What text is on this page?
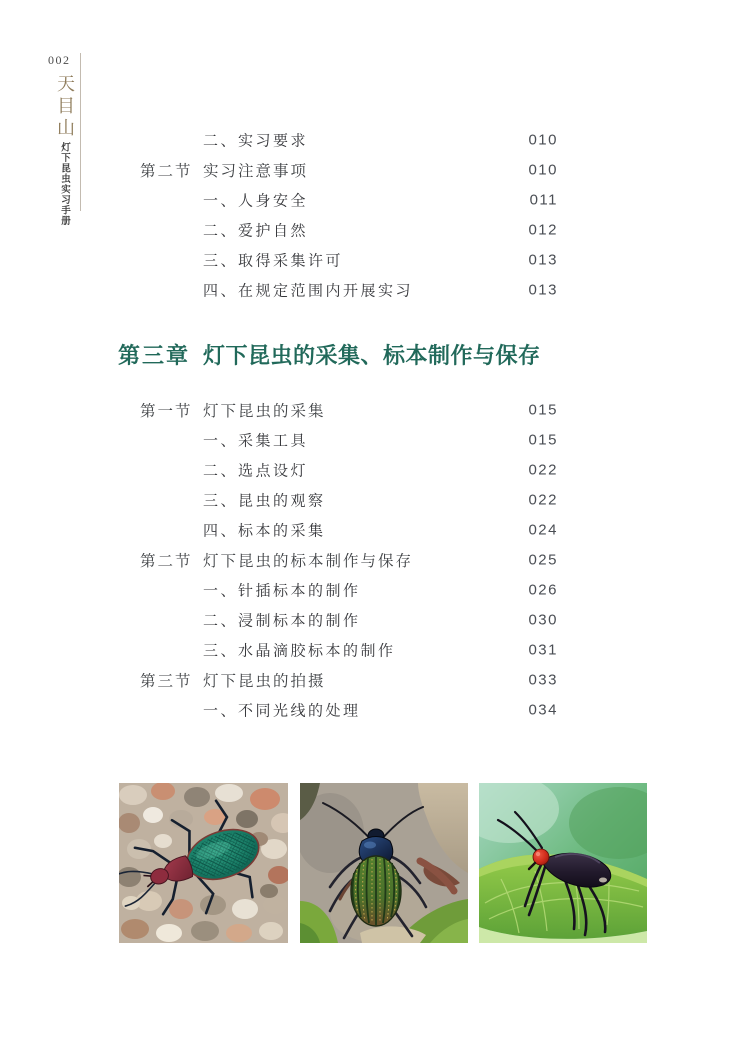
002
天目山
灯下昆虫实习手册
二、实习要求	010
第二节 实习注意事项	010
一、人身安全	011
二、爱护自然	012
三、取得采集许可	013
四、在规定范围内开展实习	013
第三章 灯下昆虫的采集、标本制作与保存
第一节 灯下昆虫的采集	015
一、采集工具	015
二、选点设灯	022
三、昆虫的观察	022
四、标本的采集	024
第二节 灯下昆虫的标本制作与保存	025
一、针插标本的制作	026
二、浸制标本的制作	030
三、水晶滴胶标本的制作	031
第三节 灯下昆虫的拍摄	033
一、不同光线的处理	034
